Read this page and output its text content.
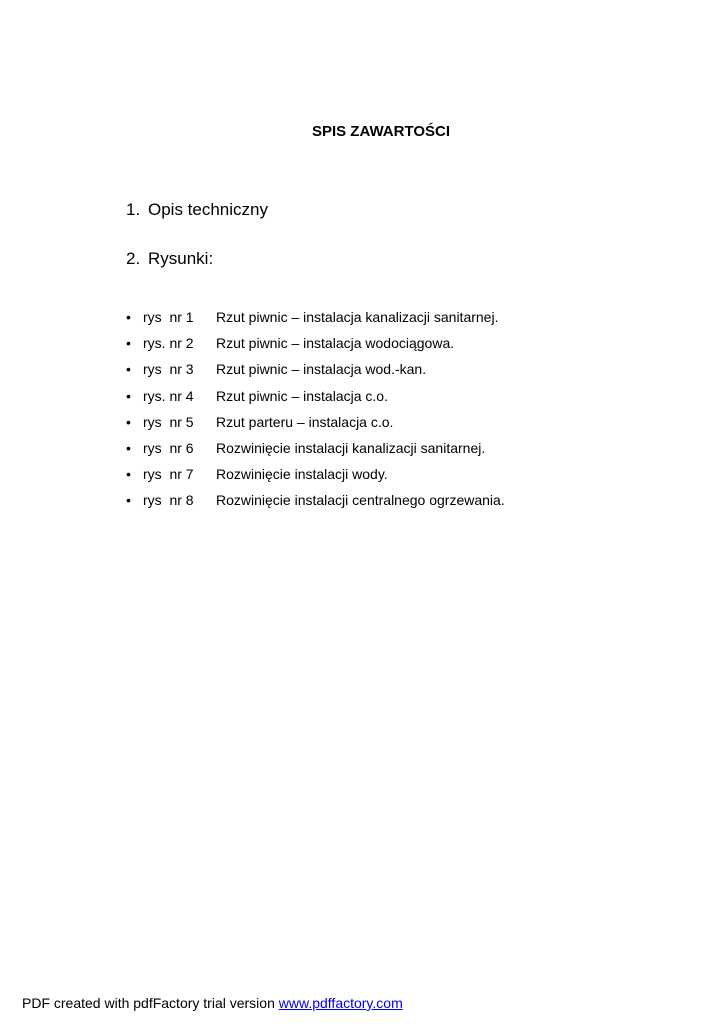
SPIS ZAWARTOŚCI
1. Opis techniczny
2. Rysunki:
• rys  nr 1 Rzut piwnic – instalacja kanalizacji sanitarnej.
• rys. nr 2 Rzut piwnic – instalacja wodociągowa.
• rys  nr 3 Rzut piwnic – instalacja wod.-kan.
• rys. nr 4 Rzut piwnic – instalacja c.o.
• rys  nr 5 Rzut parteru – instalacja c.o.
• rys  nr 6 Rozwinięcie instalacji kanalizacji sanitarnej.
• rys  nr 7 Rozwinięcie instalacji wody.
• rys  nr 8 Rozwinięcie instalacji centralnego ogrzewania.
PDF created with pdfFactory trial version www.pdffactory.com
